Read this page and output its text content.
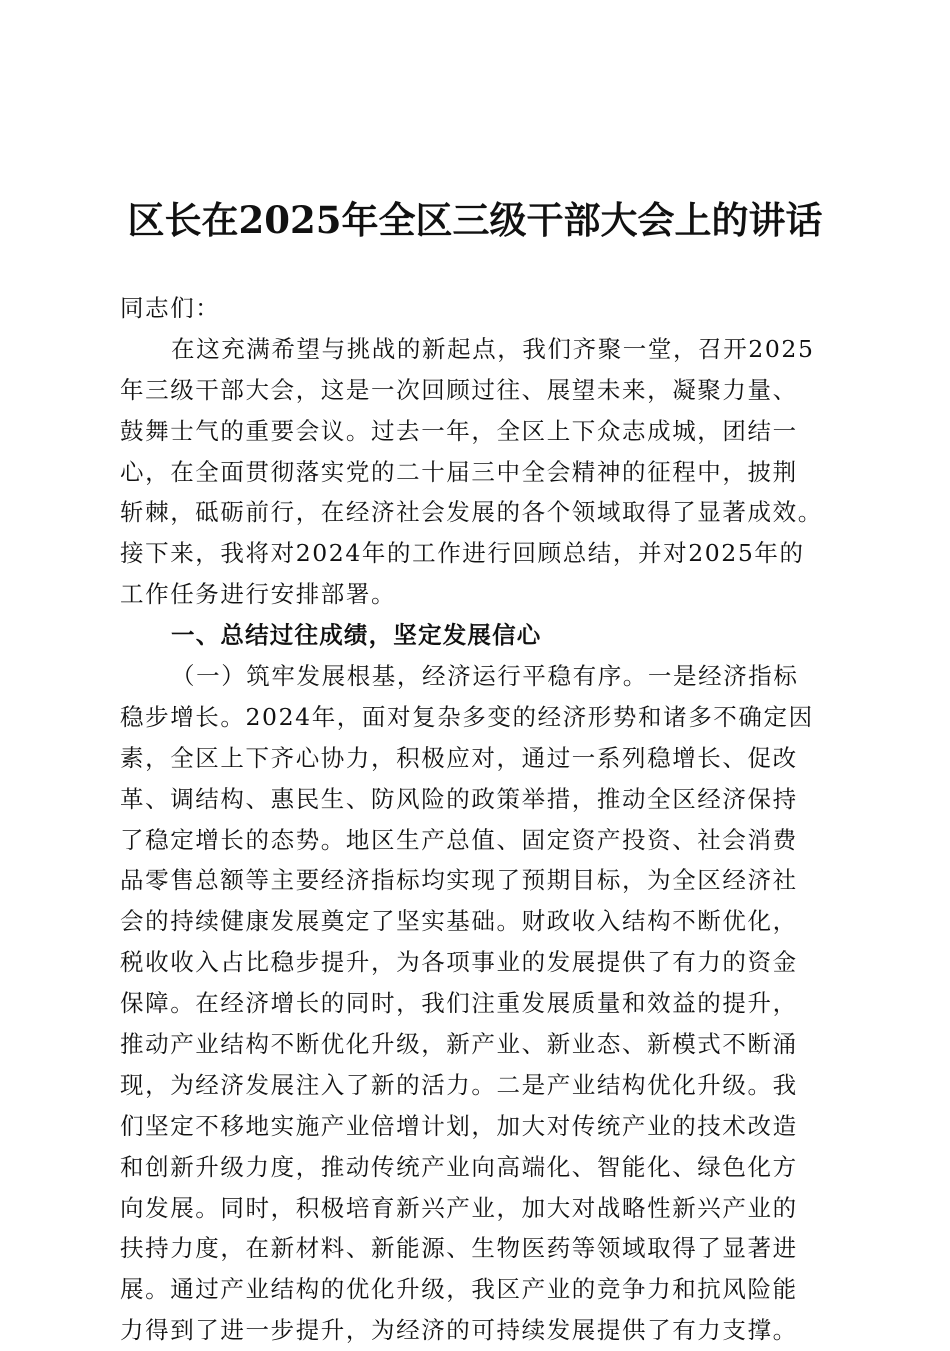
区长在2025年全区三级干部大会上的讲话
同志们：
在这充满希望与挑战的新起点，我们齐聚一堂，召开2025
年三级干部大会，这是一次回顾过往、展望未来，凝聚力量、
鼓舞士气的重要会议。过去一年，全区上下众志成城，团结一
心，在全面贯彻落实党的二十届三中全会精神的征程中，披荆
斩棘，砥砺前行，在经济社会发展的各个领域取得了显著成效。
接下来，我将对2024年的工作进行回顾总结，并对2025年的
工作任务进行安排部署。
一、总结过往成绩，坚定发展信心
（一）筑牢发展根基，经济运行平稳有序。一是经济指标
稳步增长。2024年，面对复杂多变的经济形势和诸多不确定因
素，全区上下齐心协力，积极应对，通过一系列稳增长、促改
革、调结构、惠民生、防风险的政策举措，推动全区经济保持
了稳定增长的态势。地区生产总值、固定资产投资、社会消费
品零售总额等主要经济指标均实现了预期目标，为全区经济社
会的持续健康发展奠定了坚实基础。财政收入结构不断优化，
税收收入占比稳步提升，为各项事业的发展提供了有力的资金
保障。在经济增长的同时，我们注重发展质量和效益的提升，
推动产业结构不断优化升级，新产业、新业态、新模式不断涌
现，为经济发展注入了新的活力。二是产业结构优化升级。我
们坚定不移地实施产业倍增计划，加大对传统产业的技术改造
和创新升级力度，推动传统产业向高端化、智能化、绿色化方
向发展。同时，积极培育新兴产业，加大对战略性新兴产业的
扶持力度，在新材料、新能源、生物医药等领域取得了显著进
展。通过产业结构的优化升级，我区产业的竞争力和抗风险能
力得到了进一步提升，为经济的可持续发展提供了有力支撑。
